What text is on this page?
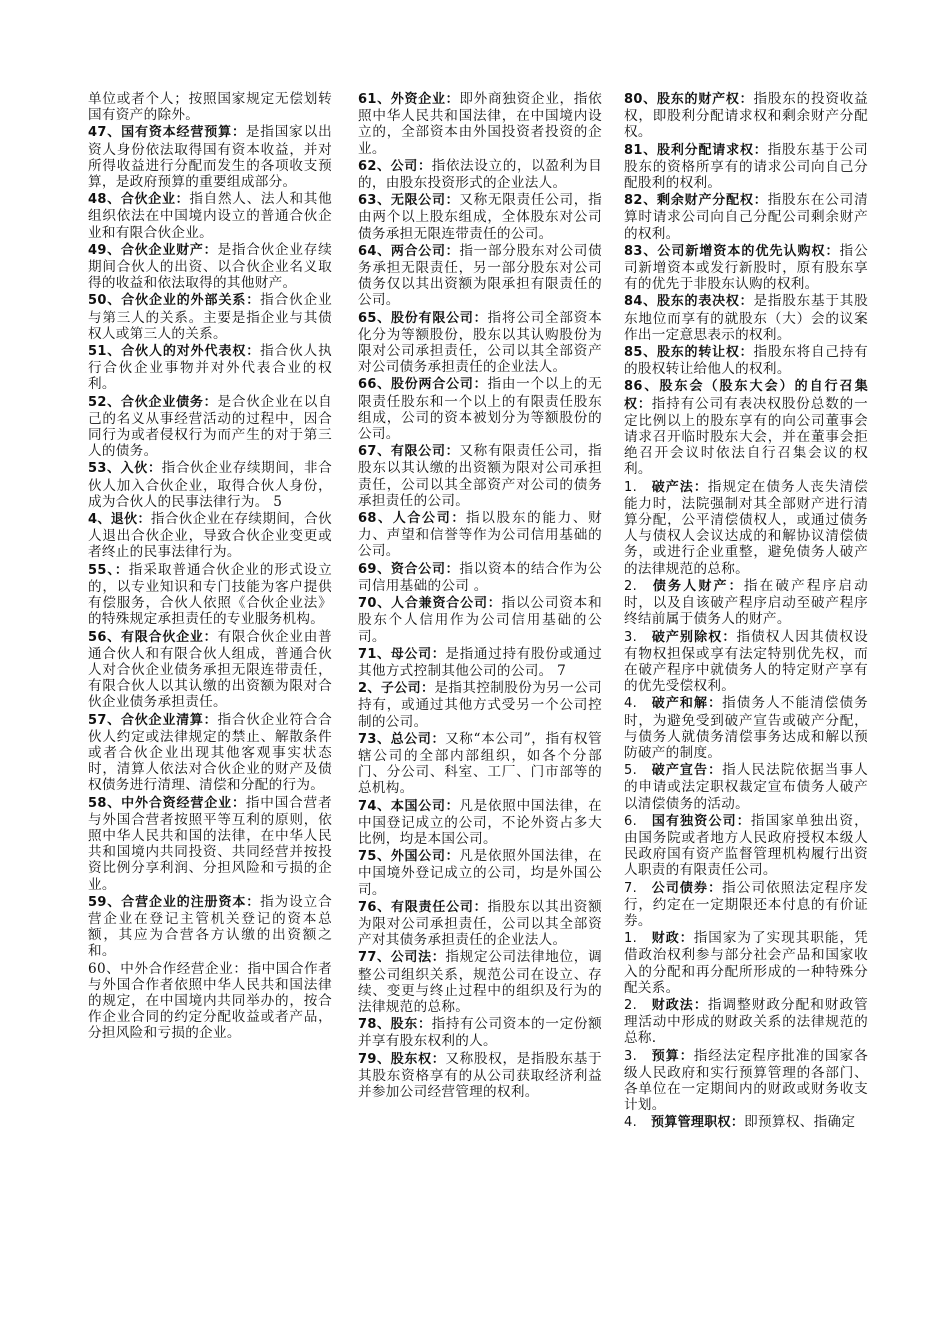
单位或者个人；按照国家规定无偿划转国有资产的除外。

47、国有资本经营预算：是指国家以出资人身份依法取得国有资本收益，并对所得收益进行分配而发生的各项收支预算，是政府预算的重要组成部分。

48、合伙企业：指自然人、法人和其他组织依法在中国境内设立的普通合伙企业和有限合伙企业。

49、合伙企业财产：是指合伙企业存续期间合伙人的出资、以合伙企业名义取得的收益和依法取得的其他财产。

50、合伙企业的外部关系：指合伙企业与第三人的关系。主要是指企业与其债权人或第三人的关系。

51、合伙人的对外代表权：指合伙人执行合伙企业事物并对外代表合业的权利。

52、合伙企业债务：是合伙企业在以自己的名义从事经营活动的过程中，因合同行为或者侵权行为而产生的对于第三人的债务。

53、入伙：指合伙企业存续期间，非合伙人加入合伙企业，取得合伙人身份，成为合伙人的民事法律行为。 5

4、退伙：指合伙企业在存续期间，合伙人退出合伙企业，导致合伙企业变更或者终止的民事法律行为。

55、：指采取普通合伙企业的形式设立的，以专业知识和专门技能为客户提供有偿服务，合伙人依照《合伙企业法》的特殊规定承担责任的专业服务机构。

56、有限合伙企业：有限合伙企业由普通合伙人和有限合伙人组成，普通合伙人对合伙企业债务承担无限连带责任，有限合伙人以其认缴的出资额为限对合伙企业债务承担责任。

57、合伙企业清算：指合伙企业符合合伙人约定或法律规定的禁止、解散条件或者合伙企业出现其他客观事实状态时，清算人依法对合伙企业的财产及债权债务进行清理、清偿和分配的行为。

58、中外合资经营企业：指中国合营者与外国合营者按照平等互利的原则，依照中华人民共和国的法律，在中华人民共和国境内共同投资、共同经营并按投资比例分享利润、分担风险和亏损的企业。

59、合营企业的注册资本：指为设立合营企业在登记主管机关登记的资本总额，其应为合营各方认缴的出资额之和。

60、中外合作经营企业：指中国合作者与外国合作者依照中华人民共和国法律的规定，在中国境内共同举办的，按合作企业合同的约定分配收益或者产品，分担风险和亏损的企业。

61、外资企业：即外商独资企业，指依照中华人民共和国法律，在中国境内设立的，全部资本由外国投资者投资的企业。

62、公司：指依法设立的，以盈利为目的，由股东投资形式的企业法人。

63、无限公司：又称无限责任公司，指由两个以上股东组成，全体股东对公司债务承担无限连带责任的公司。

64、两合公司：指一部分股东对公司债务承担无限责任，另一部分股东对公司债务仅以其出资额为限承担有限责任的公司。

65、股份有限公司：指将公司全部资本化分为等额股份，股东以其认购股份为限对公司承担责任，公司以其全部资产对公司债务承担责任的企业法人。

66、股份两合公司：指由一个以上的无限责任股东和一个以上的有限责任股东组成，公司的资本被划分为等额股份的公司。

67、有限公司：又称有限责任公司，指股东以其认缴的出资额为限对公司承担责任，公司以其全部资产对公司的债务承担责任的公司。

68、人合公司：指以股东的能力、财力、声望和信誉等作为公司信用基础的公司。

69、资合公司：指以资本的结合作为公司信用基础的公司 。

70、人合兼资合公司：指以公司资本和股东个人信用作为公司信用基础的公司。

71、母公司：是指通过持有股份或通过其他方式控制其他公司的公司。 7

2、子公司：是指其控制股份为另一公司持有，或通过其他方式受另一个公司控制的公司。

73、总公司：又称“本公司”，指有权管辖公司的全部内部组织，如各个分部门、分公司、科室、工厂、门市部等的总机构。

74、本国公司：凡是依照中国法律，在中国登记成立的公司，不论外资占多大比例，均是本国公司。

75、外国公司：凡是依照外国法律，在中国境外登记成立的公司，均是外国公司。

76、有限责任公司：指股东以其出资额为限对公司承担责任，公司以其全部资产对其债务承担责任的企业法人。

77、公司法：指规定公司法律地位，调整公司组织关系，规范公司在设立、存续、变更与终止过程中的组织及行为的法律规范的总称。

78、股东：指持有公司资本的一定份额并享有股东权利的人。

79、股东权：又称股权，是指股东基于其股东资格享有的从公司获取经济利益并参加公司经营管理的权利。

80、股东的财产权：指股东的投资收益权，即股利分配请求权和剩余财产分配权。

81、股利分配请求权：指股东基于公司股东的资格所享有的请求公司向自己分配股利的权利。

82、剩余财产分配权：指股东在公司清算时请求公司向自己分配公司剩余财产的权利。

83、公司新增资本的优先认购权：指公司新增资本或发行新股时，原有股东享有的优先于非股东认购的权利。

84、股东的表决权：是指股东基于其股东地位而享有的就股东（大）会的议案作出一定意思表示的权利。

85、股东的转让权：指股东将自己持有的股权转让给他人的权利。

86、股东会（股东大会）的自行召集权：指持有公司有表决权股份总数的一定比例以上的股东享有的向公司董事会请求召开临时股东大会，并在董事会拒绝召开会议时依法自行召集会议的权利。

1. 破产法：指规定在债务人丧失清偿能力时，法院强制对其全部财产进行清算分配，公平清偿债权人，或通过债务人与债权人会议达成的和解协议清偿债务，或进行企业重整，避免债务人破产的法律规范的总称。

2. 债务人财产：指在破产程序启动时，以及自该破产程序启动至破产程序终结前属于债务人的财产。

3. 破产别除权：指债权人因其债权设有物权担保或享有法定特别优先权，而在破产程序中就债务人的特定财产享有的优先受偿权利。

4. 破产和解：指债务人不能清偿债务时，为避免受到破产宣告或破产分配，与债务人就债务清偿事务达成和解以预防破产的制度。

5. 破产宣告：指人民法院依据当事人的申请或法定职权裁定宣布债务人破产以清偿债务的活动。

6. 国有独资公司：指国家单独出资，由国务院或者地方人民政府授权本级人民政府国有资产监督管理机构履行出资人职责的有限责任公司。

7. 公司债券：指公司依照法定程序发行，约定在一定期限还本付息的有价证券。

1. 财政：指国家为了实现其职能，凭借政治权利参与部分社会产品和国家收入的分配和再分配所形成的一种特殊分配关系。

2. 财政法：指调整财政分配和财政管理活动中形成的财政关系的法律规范的总称.

3. 预算：指经法定程序批准的国家各级人民政府和实行预算管理的各部门、各单位在一定期间内的财政或财务收支计划。

4. 预算管理职权：即预算权、指确定
